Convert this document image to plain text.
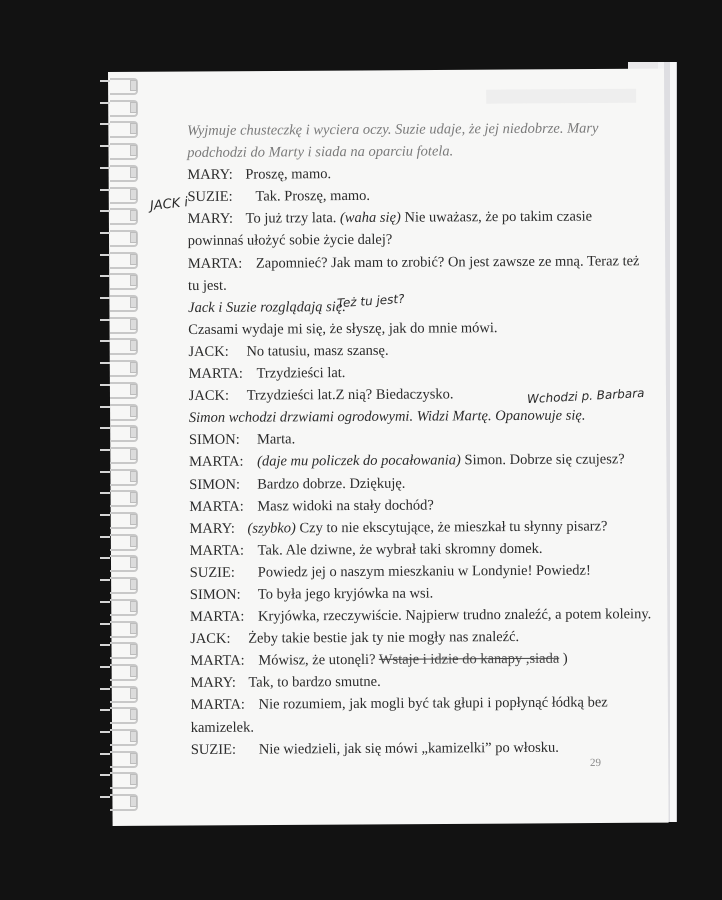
Wyjmuje chusteczkę i wyciera oczy. Suzie udaje, że jej niedobrze. Mary
podchodzi do Marty i siada na oparciu fotela.
MARY: Proszę, mamo.
SUZIE: Tak. Proszę, mamo.
MARY: To już trzy lata. (waha się) Nie uważasz, że po takim czasie
powinnaś ułożyć sobie życie dalej?
MARTA: Zapomnieć? Jak mam to zrobić? On jest zawsze ze mną. Teraz też
tu jest.
Jack i Suzie rozglądają się.
Czasami wydaje mi się, że słyszę, jak do mnie mówi.
JACK: No tatusiu, masz szansę.
MARTA: Trzydzieści lat.
JACK: Trzydzieści lat.Z nią? Biedaczysko.
Simon wchodzi drzwiami ogrodowymi. Widzi Martę. Opanowuje się.
SIMON: Marta.
MARTA: (daje mu policzek do pocałowania) Simon. Dobrze się czujesz?
SIMON: Bardzo dobrze. Dziękuję.
MARTA: Masz widoki na stały dochód?
MARY: (szybko) Czy to nie ekscytujące, że mieszkał tu słynny pisarz?
MARTA: Tak. Ale dziwne, że wybrał taki skromny domek.
SUZIE: Powiedz jej o naszym mieszkaniu w Londynie! Powiedz!
SIMON: To była jego kryjówka na wsi.
MARTA: Kryjówka, rzeczywiście. Najpierw trudno znaleźć, a potem koleiny.
JACK: Żeby takie bestie jak ty nie mogły nas znaleźć.
MARTA: Mówisz, że utonęli? Wstaje i idzie do kanapy ,siada )
MARY: Tak, to bardzo smutne.
MARTA: Nie rozumiem, jak mogli być tak głupi i popłynąć łódką bez
kamizelek.
SUZIE: Nie wiedzieli, jak się mówi „kamizelki” po włosku.
JACK i
Też tu jest?
Wchodzi p. Barbara
29
